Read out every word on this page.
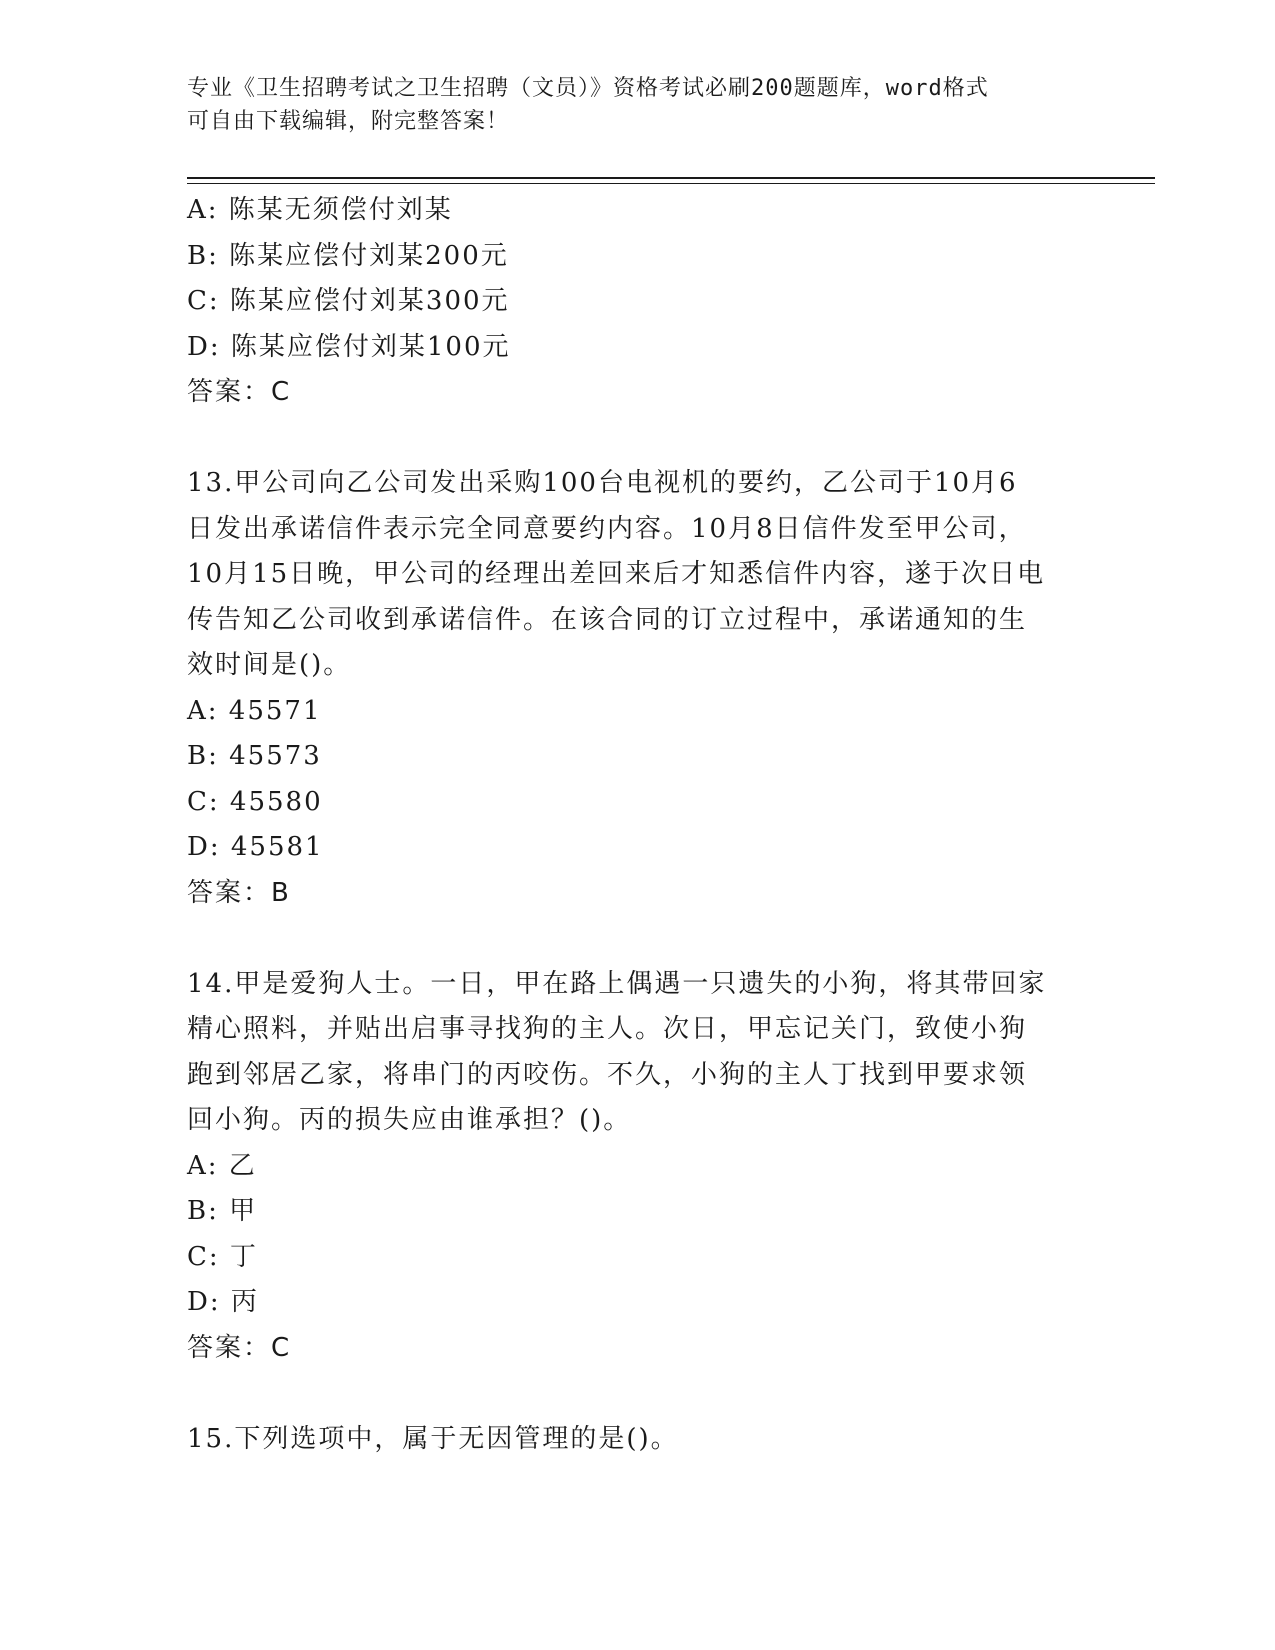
专业《卫生招聘考试之卫生招聘（文员）》资格考试必刷200题题库，word格式
可自由下载编辑，附完整答案！
A: 陈某无须偿付刘某
B: 陈某应偿付刘某200元
C: 陈某应偿付刘某300元
D: 陈某应偿付刘某100元
答案：C
13.甲公司向乙公司发出采购100台电视机的要约，乙公司于10月6
日发出承诺信件表示完全同意要约内容。10月8日信件发至甲公司，
10月15日晚，甲公司的经理出差回来后才知悉信件内容，遂于次日电
传告知乙公司收到承诺信件。在该合同的订立过程中，承诺通知的生
效时间是()。
A: 45571
B: 45573
C: 45580
D: 45581
答案：B
14.甲是爱狗人士。一日，甲在路上偶遇一只遗失的小狗，将其带回家
精心照料，并贴出启事寻找狗的主人。次日，甲忘记关门，致使小狗
跑到邻居乙家，将串门的丙咬伤。不久，小狗的主人丁找到甲要求领
回小狗。丙的损失应由谁承担？()。
A: 乙
B: 甲
C: 丁
D: 丙
答案：C
15.下列选项中，属于无因管理的是()。
